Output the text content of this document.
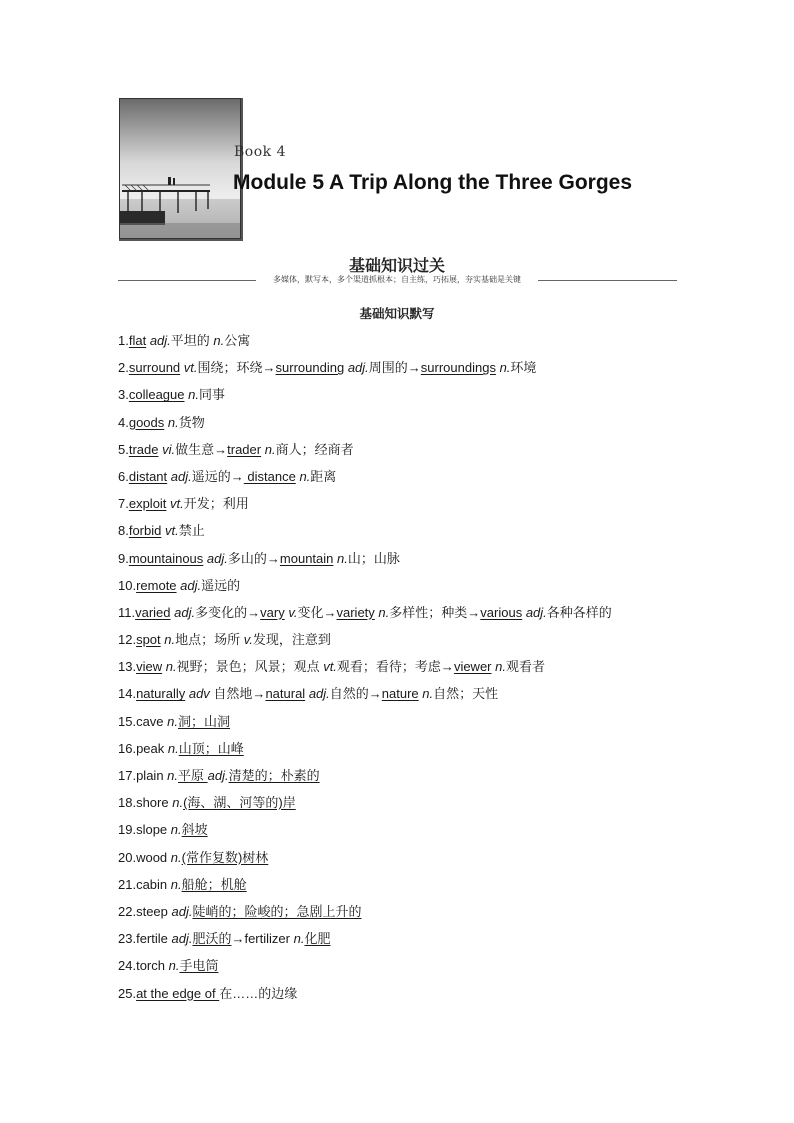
Book 4
Module 5 A Trip Along the Three Gorges
基础知识过关
多媒体，默写本，多个渠道抓根本；自主练，巧拓展，夯实基础是关键
基础知识默写
1.flat adj.平坦的 n.公寓
2.surround vt.围绕；环绕→surrounding adj.周围的→surroundings n.环境
3.colleague n.同事
4.goods n.货物
5.trade vi.做生意→trader n.商人；经商者
6.distant adj.遥远的→ distance n.距离
7.exploit vt.开发；利用
8.forbid vt.禁止
9.mountainous adj.多山的→mountain n.山；山脉
10.remote adj.遥远的
11.varied adj.多变化的→vary v.变化→variety n.多样性；种类→various adj.各种各样的
12.spot n.地点；场所 v.发现，注意到
13.view n.视野；景色；风景；观点 vt.观看；看待；考虑→viewer n.观看者
14.naturally adv 自然地→natural adj.自然的→nature n.自然；天性
15.cave n.洞；山洞
16.peak n.山顶；山峰
17.plain n.平原 adj.清楚的；朴素的
18.shore n.(海、湖、河等的)岸
19.slope n.斜坡
20.wood n.(常作复数)树林
21.cabin n.船舱；机舱
22.steep adj.陡峭的；险峻的；急剧上升的
23.fertile adj.肥沃的→fertilizer n.化肥
24.torch n.手电筒
25.at the edge of 在……的边缘
